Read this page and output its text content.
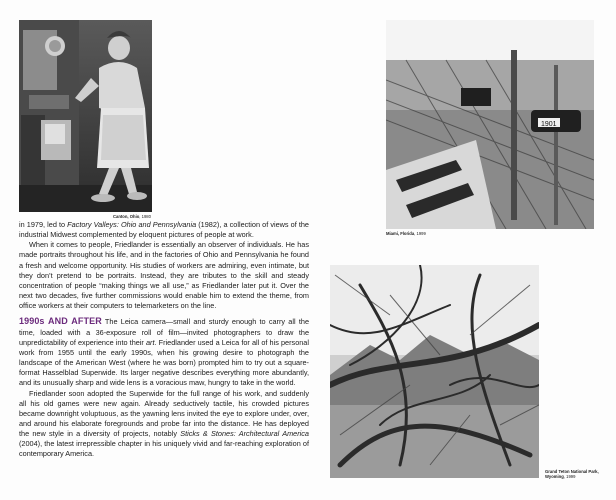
Canton, Ohio, 1980
1901
Miami, Florida, 1999
Grand Teton National Park,
Wyoming, 1999

in 1979, led to Factory Valleys: Ohio and Pennsylvania (1982), a collection of views of the industrial Midwest complemented by eloquent pictures of people at work.

When it comes to people, Friedlander is essentially an observer of individuals. He has made portraits throughout his life, and in the factories of Ohio and Pennsylvania he found a fresh and welcome opportunity. His studies of workers are admiring, even intimate, but they don’t pretend to be portraits. Instead, they are tributes to the skill and steady concentration of people “making things we all use,” as Friedlander later put it. Over the next two decades, five further commissions would enable him to extend the theme, from office workers at their computers to telemarketers on the line.

1990s AND AFTER The Leica camera—small and sturdy enough to carry all the time, loaded with a 36-exposure roll of film—invited photographers to draw the unpredictability of experience into their art. Friedlander used a Leica for all of his personal work from 1955 until the early 1990s, when his growing desire to photograph the landscape of the American West (where he was born) prompted him to try out a square-format Hasselblad Superwide. Its larger negative describes everything more abundantly, and its unusually sharp and wide lens is a voracious maw, hungry to take in the world.

Friedlander soon adopted the Superwide for the full range of his work, and suddenly all his old games were new again. Already seductively tactile, his crowded pictures became downright voluptuous, as the yawning lens invited the eye to explore under, over, and around his elaborate foregrounds and probe far into the distance. He has deployed the new style in a diversity of projects, notably Sticks & Stones: Architectural America (2004), the latest irrepressible chapter in his uniquely vivid and far-reaching exploration of contemporary America.
